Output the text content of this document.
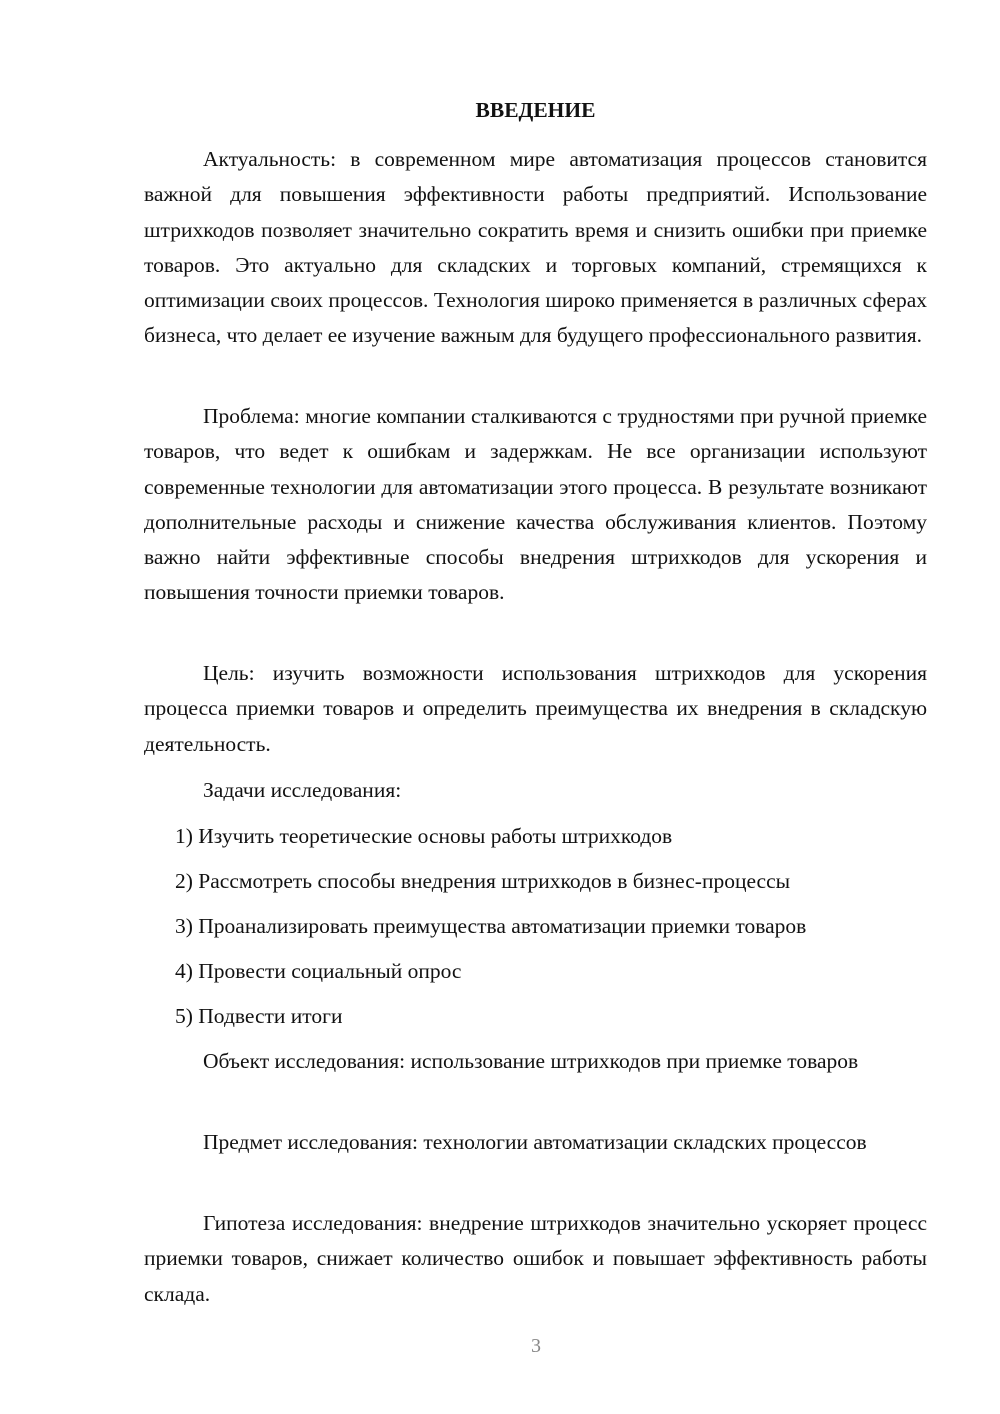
ВВЕДЕНИЕ

Актуальность: в современном мире автоматизация процессов становится важной для повышения эффективности работы предприятий. Использование штрихкодов позволяет значительно сократить время и снизить ошибки при приемке товаров. Это актуально для складских и торговых компаний, стремящихся к оптимизации своих процессов. Технология широко применяется в различных сферах бизнеса, что делает ее изучение важным для будущего профессионального развития.

Проблема: многие компании сталкиваются с трудностями при ручной приемке товаров, что ведет к ошибкам и задержкам. Не все организации используют современные технологии для автоматизации этого процесса. В результате возникают дополнительные расходы и снижение качества обслуживания клиентов. Поэтому важно найти эффективные способы внедрения штрихкодов для ускорения и повышения точности приемки товаров.

Цель: изучить возможности использования штрихкодов для ускорения процесса приемки товаров и определить преимущества их внедрения в складскую деятельность.

Задачи исследования:

1) Изучить теоретические основы работы штрихкодов
2) Рассмотреть способы внедрения штрихкодов в бизнес-процессы
3) Проанализировать преимущества автоматизации приемки товаров
4) Провести социальный опрос
5) Подвести итоги

Объект исследования: использование штрихкодов при приемке товаров

Предмет исследования: технологии автоматизации складских процессов

Гипотеза исследования: внедрение штрихкодов значительно ускоряет процесс приемки товаров, снижает количество ошибок и повышает эффективность работы склада.

3
